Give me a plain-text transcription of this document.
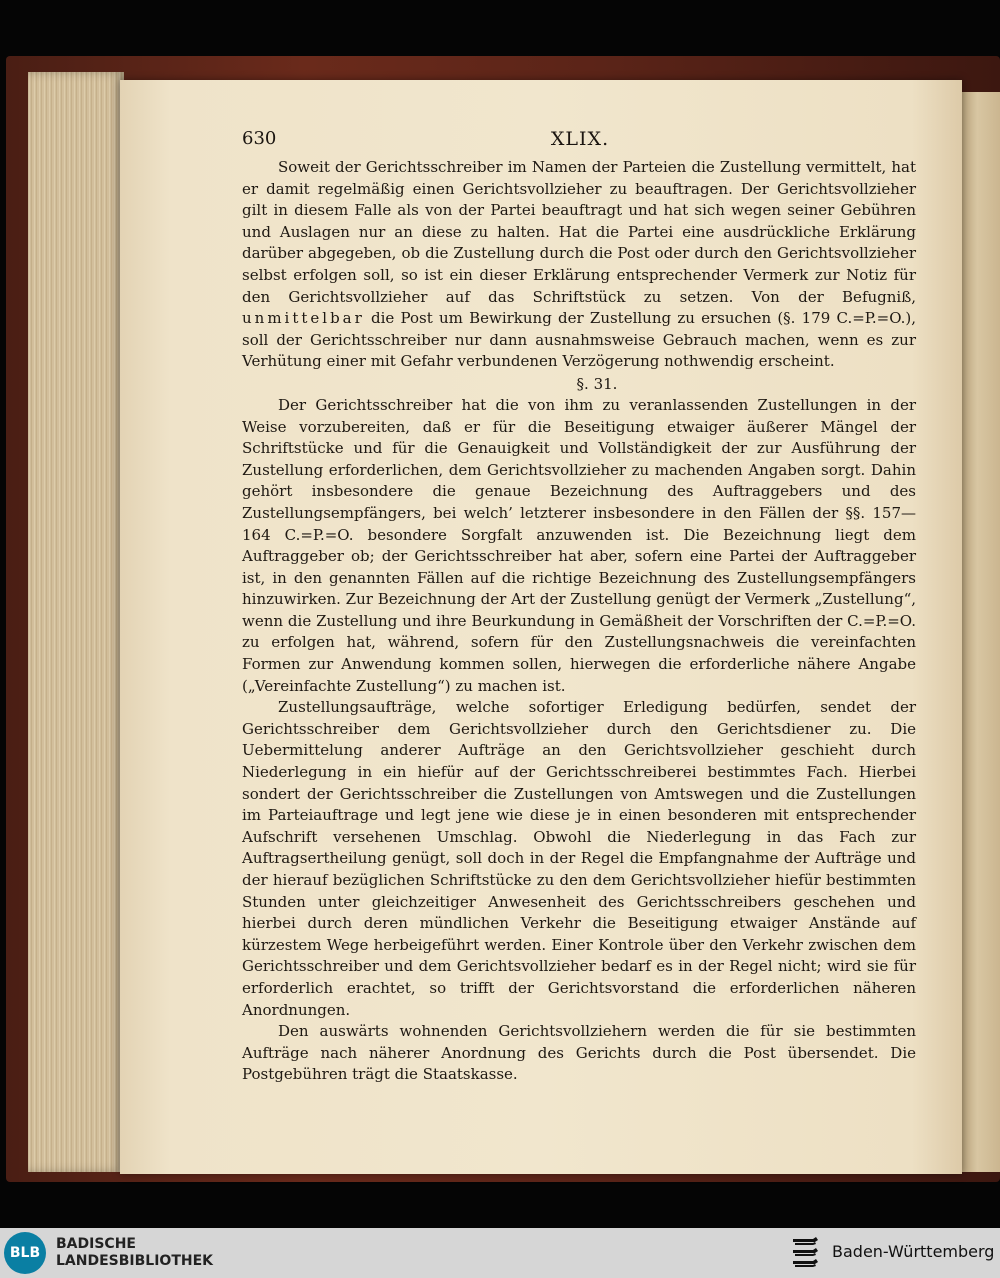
630	XLIX.

Soweit der Gerichtsschreiber im Namen der Parteien die Zustellung vermittelt, hat er damit regelmäßig einen Gerichtsvollzieher zu beauftragen. Der Gerichtsvollzieher gilt in diesem Falle als von der Partei beauftragt und hat sich wegen seiner Gebühren und Auslagen nur an diese zu halten. Hat die Partei eine ausdrückliche Erklärung darüber abgegeben, ob die Zustellung durch die Post oder durch den Gerichtsvollzieher selbst erfolgen soll, so ist ein dieser Erklärung entsprechender Vermerk zur Notiz für den Gerichtsvollzieher auf das Schriftstück zu setzen. Von der Befugniß, unmittelbar die Post um Bewirkung der Zustellung zu ersuchen (§. 179 C.=P.=O.), soll der Gerichtsschreiber nur dann ausnahmsweise Gebrauch machen, wenn es zur Verhütung einer mit Gefahr verbundenen Verzögerung nothwendig erscheint.

§. 31.

Der Gerichtsschreiber hat die von ihm zu veranlassenden Zustellungen in der Weise vorzubereiten, daß er für die Beseitigung etwaiger äußerer Mängel der Schriftstücke und für die Genauigkeit und Vollständigkeit der zur Ausführung der Zustellung erforderlichen, dem Gerichtsvollzieher zu machenden Angaben sorgt. Dahin gehört insbesondere die genaue Bezeichnung des Auftraggebers und des Zustellungsempfängers, bei welch’ letzterer insbesondere in den Fällen der §§. 157—164 C.=P.=O. besondere Sorgfalt anzuwenden ist. Die Bezeichnung liegt dem Auftraggeber ob; der Gerichtsschreiber hat aber, sofern eine Partei der Auftraggeber ist, in den genannten Fällen auf die richtige Bezeichnung des Zustellungsempfängers hinzuwirken. Zur Bezeichnung der Art der Zustellung genügt der Vermerk „Zustellung“, wenn die Zustellung und ihre Beurkundung in Gemäßheit der Vorschriften der C.=P.=O. zu erfolgen hat, während, sofern für den Zustellungsnachweis die vereinfachten Formen zur Anwendung kommen sollen, hierwegen die erforderliche nähere Angabe („Vereinfachte Zustellung“) zu machen ist.

Zustellungsaufträge, welche sofortiger Erledigung bedürfen, sendet der Gerichtsschreiber dem Gerichtsvollzieher durch den Gerichtsdiener zu. Die Uebermittelung anderer Aufträge an den Gerichtsvollzieher geschieht durch Niederlegung in ein hiefür auf der Gerichtsschreiberei bestimmtes Fach. Hierbei sondert der Gerichtsschreiber die Zustellungen von Amtswegen und die Zustellungen im Parteiauftrage und legt jene wie diese je in einen besonderen mit entsprechender Aufschrift versehenen Umschlag. Obwohl die Niederlegung in das Fach zur Auftragsertheilung genügt, soll doch in der Regel die Empfangnahme der Aufträge und der hierauf bezüglichen Schriftstücke zu den dem Gerichtsvollzieher hiefür bestimmten Stunden unter gleichzeitiger Anwesenheit des Gerichtsschreibers geschehen und hierbei durch deren mündlichen Verkehr die Beseitigung etwaiger Anstände auf kürzestem Wege herbeigeführt werden. Einer Kontrole über den Verkehr zwischen dem Gerichtsschreiber und dem Gerichtsvollzieher bedarf es in der Regel nicht; wird sie für erforderlich erachtet, so trifft der Gerichtsvorstand die erforderlichen näheren Anordnungen.

Den auswärts wohnenden Gerichtsvollziehern werden die für sie bestimmten Aufträge nach näherer Anordnung des Gerichts durch die Post übersendet. Die Postgebühren trägt die Staatskasse.

BLB
BADISCHE
LANDESBIBLIOTHEK	Baden-Württemberg
